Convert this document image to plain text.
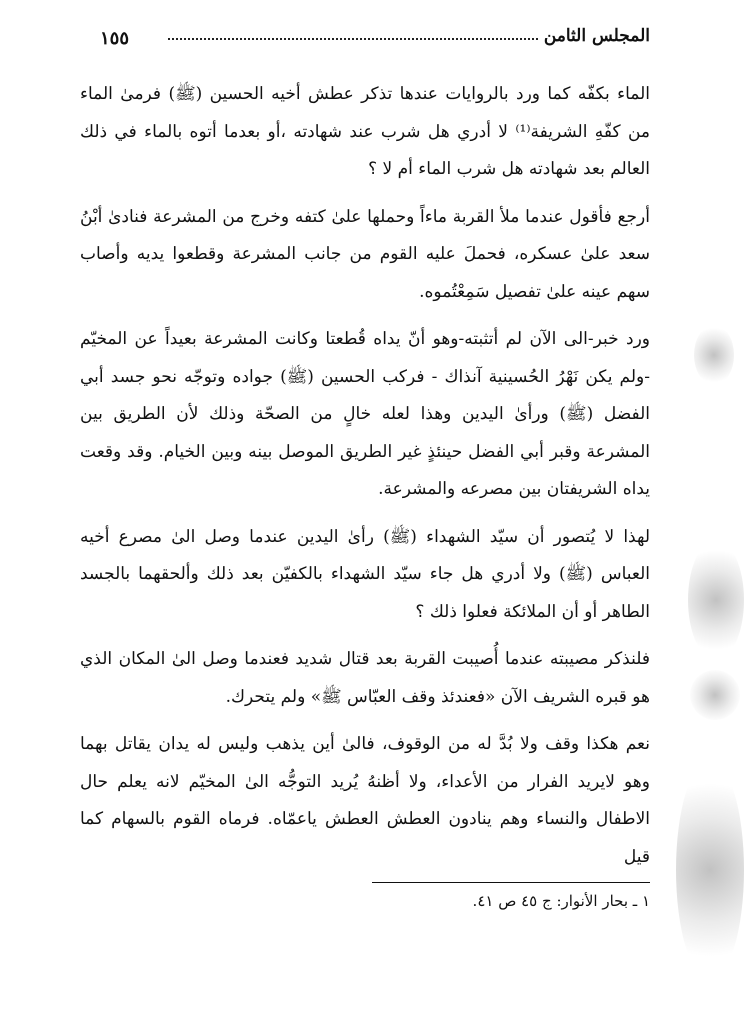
المجلس الثامن
١٥٥

الماء بكفّه كما ورد بالروايات عندها تذكر عطش أخيه الحسين (ﷺ) فرمىٰ الماء من كفّهِ الشريفة⁽¹⁾ لا أدري هل شرب عند شهادته ،أو بعدما أتوه بالماء في ذلك العالم بعد شهادته هل شرب الماء أم لا ؟

أرجع فأقول عندما ملأ القربة ماءاً وحملها علىٰ كتفه وخرج من المشرعة فنادىٰ أبْنُ سعد علىٰ عسكره، فحملَ عليه القوم من جانب المشرعة وقطعوا يديه وأصاب سهم عينه علىٰ تفصيل سَمِعْتُموه.

ورد خبر-الى الآن لم أتثبته-وهو أنّ يداه قُطعتا وكانت المشرعة بعيداً عن المخيّم -ولم يكن نَهْرُ الحُسينية آنذاك - فركب الحسين (ﷺ) جواده وتوجّه نحو جسد أبي الفضل (ﷺ) ورأىٰ اليدين وهذا لعله خالٍ من الصحّة وذلك لأن الطريق بين المشرعة وقبر أبي الفضل حينئذٍ غير الطريق الموصل بينه وبين الخيام. وقد وقعت يداه الشريفتان بين مصرعه والمشرعة.

لهذا لا يُتصور أن سيّد الشهداء (ﷺ) رأىٰ اليدين عندما وصل الىٰ مصرع أخيه العباس (ﷺ) ولا أدري هل جاء سيّد الشهداء بالكفيّن بعد ذلك وألحقهما بالجسد الطاهر أو أن الملائكة فعلوا ذلك ؟

فلنذكر مصيبته عندما أُصيبت القربة بعد قتال شديد فعندما وصل الىٰ المكان الذي هو قبره الشريف الآن «فعندئذ وقف العبّاس ﷺ» ولم يتحرك.

نعم هكذا وقف ولا بُدَّ له من الوقوف، فالىٰ أين يذهب وليس له يدان يقاتل بهما وهو لايريد الفرار من الأعداء، ولا أظنهُ يُريد التوجُّه الىٰ المخيّم لانه يعلم حال الاطفال والنساء وهم ينادون العطش العطش ياعمّاه. فرماه القوم بالسهام كما قيل

١ ـ بحار الأنوار: ج ٤٥ ص ٤١.
